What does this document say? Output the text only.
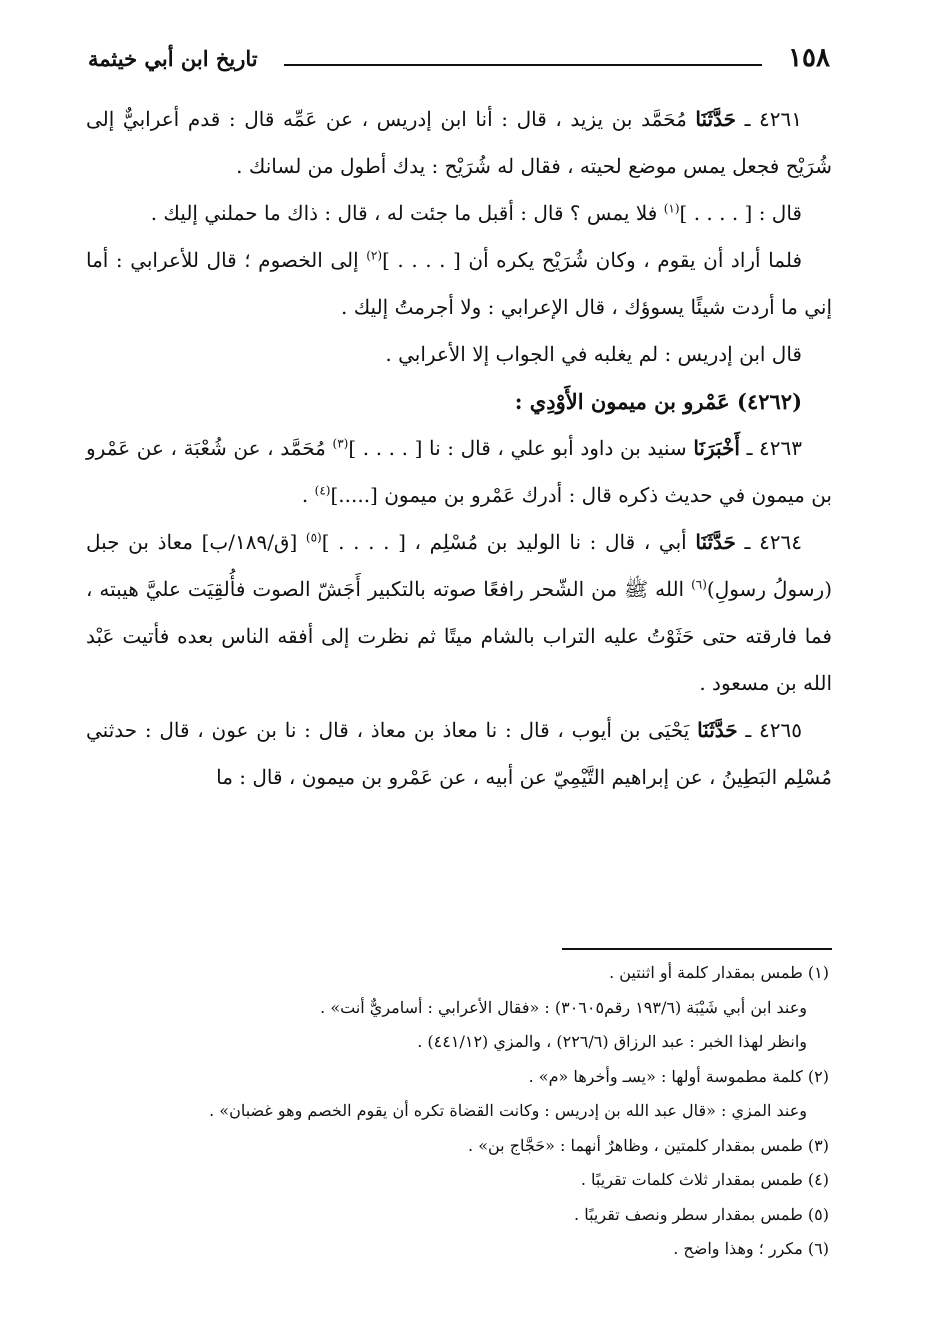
١٥٨
تاريخ ابن أبي خيثمة

٤٢٦١ ـ حَدَّثَنَا مُحَمَّد بن يزيد ، قال : أنا ابن إدريس ، عن عَمِّه قال : قدم أعرابيٌّ إلى شُرَيْح فجعل يمس موضع لحيته ، فقال له شُرَيْح : يدك أطول من لسانك .

قال : [ . . . . ]$^{(١)}$ فلا يمس ؟ قال : أقبل ما جئت له ، قال : ذاك ما حملني إليك .

فلما أراد أن يقوم ، وكان شُرَيْح يكره أن [ . . . . ]$^{(٢)}$ إلى الخصوم ؛ قال للأعرابي : أما إني ما أردت شيئًا يسوؤك ، قال الإعرابي : ولا أجرمتُ إليك .

قال ابن إدريس : لم يغلبه في الجواب إلا الأعرابي .

(٤٢٦٢) عَمْرو بن ميمون الأَوْدِي :

٤٢٦٣ ـ أَخْبَرَنَا سنيد بن داود أبو علي ، قال : نا [ . . . . ]$^{(٣)}$ مُحَمَّد ، عن شُعْبَة ، عن عَمْرو بن ميمون في حديث ذكره قال : أدرك عَمْرو بن ميمون [.....]$^{(٤)}$ .

٤٢٦٤ ـ حَدَّثَنَا أبي ، قال : نا الوليد بن مُسْلِم ، [ . . . . ]$^{(٥)}$ [ق/١٨٩/ب] معاذ بن جبل (رسولُ رسولِ)$^{(٦)}$ الله ﷺ من الشّحر رافعًا صوته بالتكبير أَجَشّ الصوت فأُلقِيَت عليَّ هيبته ، فما فارقته حتى حَثَوْتُ عليه التراب بالشام ميتًا ثم نظرت إلى أفقه الناس بعده فأتيت عَبْد الله بن مسعود .

٤٢٦٥ ـ حَدَّثَنَا يَحْيَى بن أيوب ، قال : نا معاذ بن معاذ ، قال : نا بن عون ، قال : حدثني مُسْلِم البَطِينُ ، عن إبراهيم التَّيْمِيّ عن أبيه ، عن عَمْرو بن ميمون ، قال : ما

(١) طمس بمقدار كلمة أو اثنتين .

وعند ابن أبي شَيْبَة (١٩٣/٦ رقم٣٠٦٠٥) : «فقال الأعرابي : أسامريٌّ أنت» .

وانظر لهذا الخبر : عبد الرزاق (٢٢٦/٦) ، والمزي (٤٤١/١٢) .

(٢) كلمة مطموسة أولها : «يسـ وأخرها «م» .

وعند المزي : «قال عبد الله بن إدريس : وكانت القضاة تكره أن يقوم الخصم وهو غضبان» .

(٣) طمس بمقدار كلمتين ، وظاهرٌ أنهما : «حَجَّاج بن» .

(٤) طمس بمقدار ثلاث كلمات تقريبًا .

(٥) طمس بمقدار سطر ونصف تقريبًا .

(٦) مكرر ؛ وهذا واضح .
